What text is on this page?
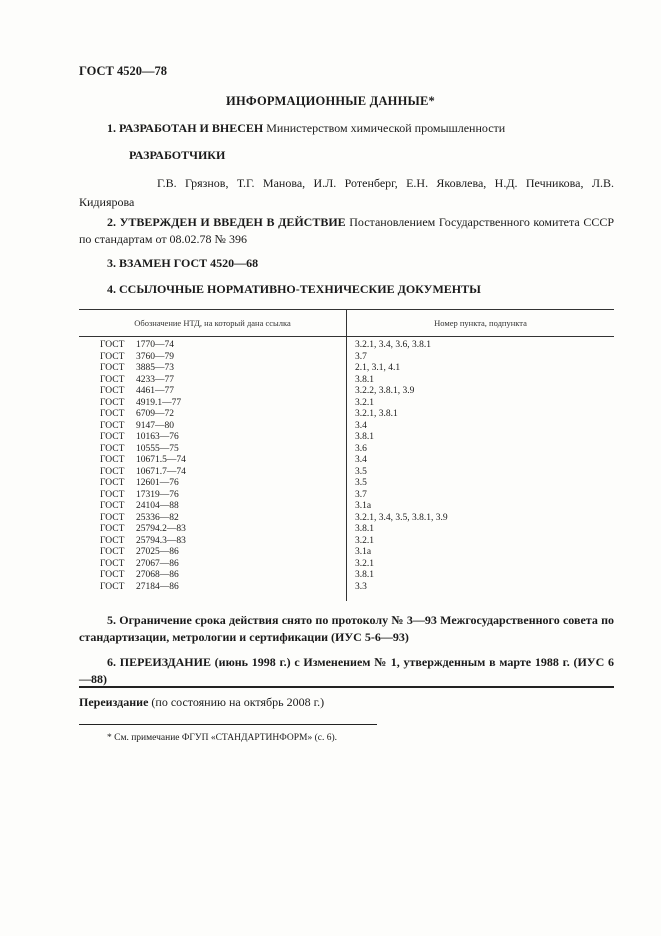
ГОСТ 4520—78
ИНФОРМАЦИОННЫЕ ДАННЫЕ*
1. РАЗРАБОТАН И ВНЕСЕН Министерством химической промышленности
РАЗРАБОТЧИКИ

Г.В. Грязнов, Т.Г. Манова, И.Л. Ротенберг, Е.Н. Яковлева, Н.Д. Печникова, Л.В. Кидиярова

2. УТВЕРЖДЕН И ВВЕДЕН В ДЕЙСТВИЕ Постановлением Государственного комитета СССР по стандартам от 08.02.78 № 396
3. ВЗАМЕН ГОСТ 4520—68
4. ССЫЛОЧНЫЕ НОРМАТИВНО-ТЕХНИЧЕСКИЕ ДОКУМЕНТЫ
Обозначение НТД, на который дана ссылка	Номер пункта, подпункта
ГОСТ 1770—74	3.2.1, 3.4, 3.6, 3.8.1
ГОСТ 3760—79	3.7
ГОСТ 3885—73	2.1, 3.1, 4.1
ГОСТ 4233—77	3.8.1
ГОСТ 4461—77	3.2.2, 3.8.1, 3.9
ГОСТ 4919.1—77	3.2.1
ГОСТ 6709—72	3.2.1, 3.8.1
ГОСТ 9147—80	3.4
ГОСТ 10163—76	3.8.1
ГОСТ 10555—75	3.6
ГОСТ 10671.5—74	3.4
ГОСТ 10671.7—74	3.5
ГОСТ 12601—76	3.5
ГОСТ 17319—76	3.7
ГОСТ 24104—88	3.1a
ГОСТ 25336—82	3.2.1, 3.4, 3.5, 3.8.1, 3.9
ГОСТ 25794.2—83	3.8.1
ГОСТ 25794.3—83	3.2.1
ГОСТ 27025—86	3.1a
ГОСТ 27067—86	3.2.1
ГОСТ 27068—86	3.8.1
ГОСТ 27184—86	3.3
5. Ограничение срока действия снято по протоколу № 3—93 Межгосударственного совета по стандартизации, метрологии и сертификации (ИУС 5-6—93)
6. ПЕРЕИЗДАНИЕ (июнь 1998 г.) с Изменением № 1, утвержденным в марте 1988 г. (ИУС 6—88)
Переиздание (по состоянию на октябрь 2008 г.)
* См. примечание ФГУП «СТАНДАРТИНФОРМ» (с. 6).
